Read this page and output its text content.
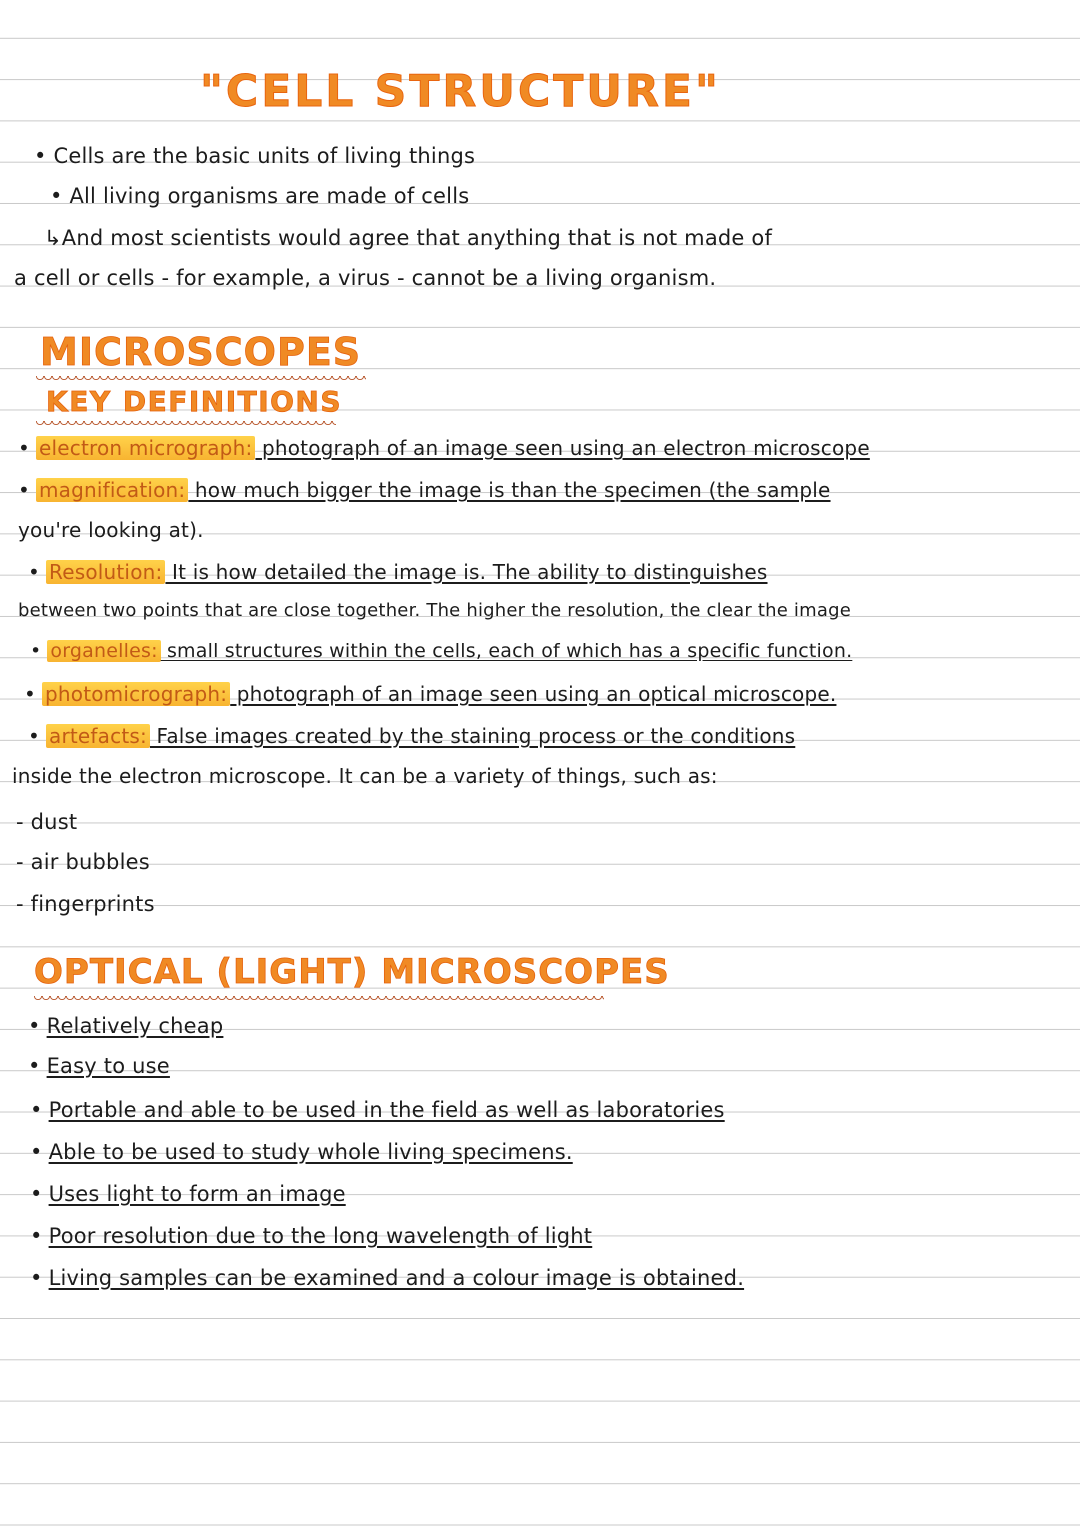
"CELL STRUCTURE"
• Cells are the basic units of living things
• All living organisms are made of cells
↳And most scientists would agree that anything that is not made of
a cell or cells - for example, a virus - cannot be a living organism.
MICROSCOPES
KEY DEFINITIONS
• electron micrograph: photograph of an image seen using an electron microscope
• magnification: how much bigger the image is than the specimen (the sample
you're looking at).
• Resolution: It is how detailed the image is. The ability to distinguishes
between two points that are close together. The higher the resolution, the clear the image
• organelles: small structures within the cells, each of which has a specific function.
• photomicrograph: photograph of an image seen using an optical microscope.
• artefacts: False images created by the staining process or the conditions
inside the electron microscope. It can be a variety of things, such as:
- dust
- air bubbles
- fingerprints
OPTICAL (LIGHT) MICROSCOPES
• Relatively cheap
• Easy to use
• Portable and able to be used in the field as well as laboratories
• Able to be used to study whole living specimens.
• Uses light to form an image
• Poor resolution due to the long wavelength of light
• Living samples can be examined and a colour image is obtained.
